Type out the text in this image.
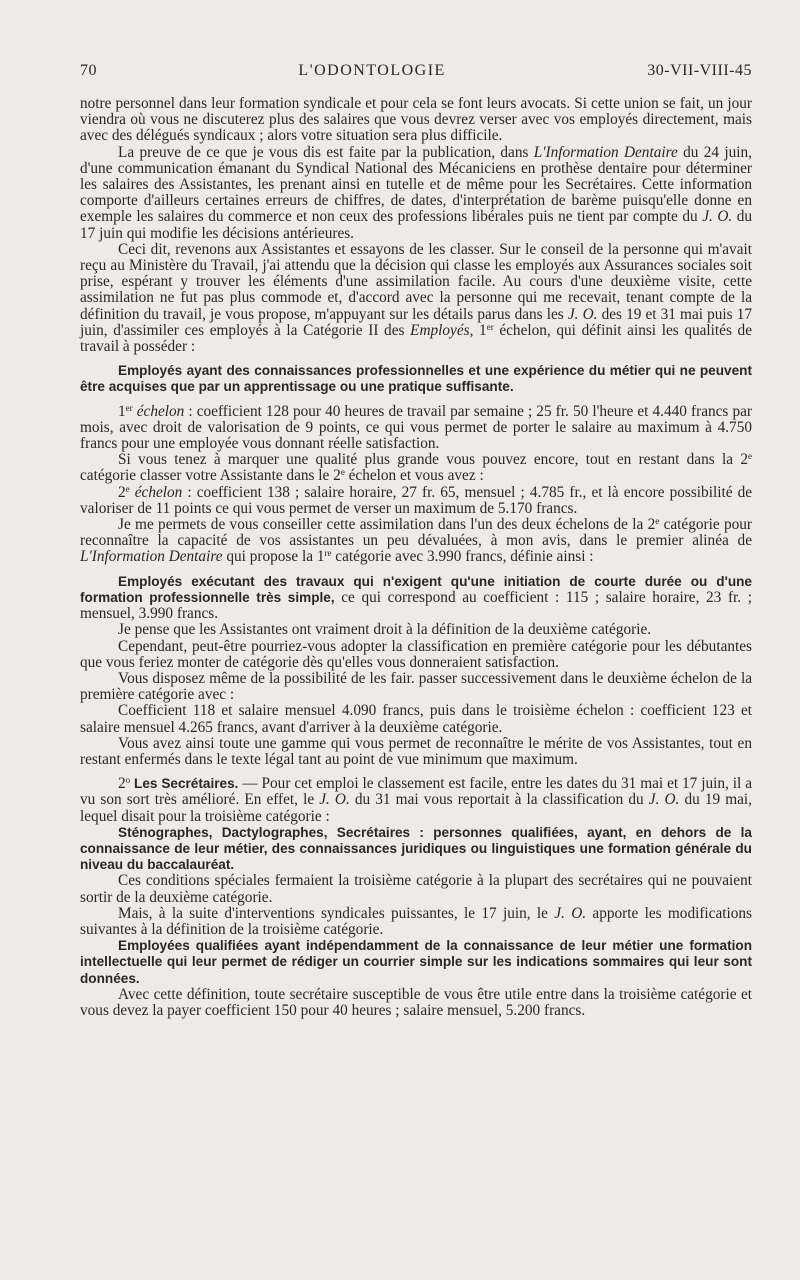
70	L'ODONTOLOGIE	30-VII-VIII-45

notre personnel dans leur formation syndicale et pour cela se font leurs avocats. Si cette union se fait, un jour viendra où vous ne discuterez plus des salaires que vous devrez verser avec vos employés directement, mais avec des délégués syndicaux ; alors votre situation sera plus difficile.

La preuve de ce que je vous dis est faite par la publication, dans L'Information Dentaire du 24 juin, d'une communication émanant du Syndical National des Mécaniciens en prothèse dentaire pour déterminer les salaires des Assistantes, les prenant ainsi en tutelle et de même pour les Secrétaires. Cette information comporte d'ailleurs certaines erreurs de chiffres, de dates, d'interprétation de barème puisqu'elle donne en exemple les salaires du commerce et non ceux des professions libérales puis ne tient par compte du J. O. du 17 juin qui modifie les décisions antérieures.

Ceci dit, revenons aux Assistantes et essayons de les classer. Sur le conseil de la personne qui m'avait reçu au Ministère du Travail, j'ai attendu que la décision qui classe les employés aux Assurances sociales soit prise, espérant y trouver les éléments d'une assimilation facile. Au cours d'une deuxième visite, cette assimilation ne fut pas plus commode et, d'accord avec la personne qui me recevait, tenant compte de la définition du travail, je vous propose, m'appuyant sur les détails parus dans les J. O. des 19 et 31 mai puis 17 juin, d'assimiler ces employés à la Catégorie II des Employés, 1er échelon, qui définit ainsi les qualités de travail à posséder :

Employés ayant des connaissances professionnelles et une expérience du métier qui ne peuvent être acquises que par un apprentissage ou une pratique suffisante.

1er échelon : coefficient 128 pour 40 heures de travail par semaine ; 25 fr. 50 l'heure et 4.440 francs par mois, avec droit de valorisation de 9 points, ce qui vous permet de porter le salaire au maximum à 4.750 francs pour une employée vous donnant réelle satisfaction.

Si vous tenez à marquer une qualité plus grande vous pouvez encore, tout en restant dans la 2e catégorie classer votre Assistante dans le 2e échelon et vous avez :

2e échelon : coefficient 138 ; salaire horaire, 27 fr. 65, mensuel ; 4.785 fr., et là encore possibilité de valoriser de 11 points ce qui vous permet de verser un maximum de 5.170 francs.

Je me permets de vous conseiller cette assimilation dans l'un des deux échelons de la 2e catégorie pour reconnaître la capacité de vos assistantes un peu dévaluées, à mon avis, dans le premier alinéa de L'Information Dentaire qui propose la 1re catégorie avec 3.990 francs, définie ainsi :

Employés exécutant des travaux qui n'exigent qu'une initiation de courte durée ou d'une formation professionnelle très simple, ce qui correspond au coefficient : 115 ; salaire horaire, 23 fr. ; mensuel, 3.990 francs.

Je pense que les Assistantes ont vraiment droit à la définition de la deuxième catégorie.

Cependant, peut-être pourriez-vous adopter la classification en première catégorie pour les débutantes que vous feriez monter de catégorie dès qu'elles vous donneraient satisfaction.

Vous disposez même de la possibilité de les fair. passer successivement dans le deuxième échelon de la première catégorie avec :

Coefficient 118 et salaire mensuel 4.090 francs, puis dans le troisième échelon : coefficient 123 et salaire mensuel 4.265 francs, avant d'arriver à la deuxième catégorie.

Vous avez ainsi toute une gamme qui vous permet de reconnaître le mérite de vos Assistantes, tout en restant enfermés dans le texte légal tant au point de vue minimum que maximum.

2$^o$ Les Secrétaires. — Pour cet emploi le classement est facile, entre les dates du 31 mai et 17 juin, il a vu son sort très amélioré. En effet, le J. O. du 31 mai vous reportait à la classification du J. O. du 19 mai, lequel disait pour la troisième catégorie :

Sténographes, Dactylographes, Secrétaires : personnes qualifiées, ayant, en dehors de la connaissance de leur métier, des connaissances juridiques ou linguistiques une formation générale du niveau du baccalauréat.

Ces conditions spéciales fermaient la troisième catégorie à la plupart des secrétaires qui ne pouvaient sortir de la deuxième catégorie.

Mais, à la suite d'interventions syndicales puissantes, le 17 juin, le J. O. apporte les modifications suivantes à la définition de la troisième catégorie.

Employées qualifiées ayant indépendamment de la connaissance de leur métier une formation intellectuelle qui leur permet de rédiger un courrier simple sur les indications sommaires qui leur sont données.

Avec cette définition, toute secrétaire susceptible de vous être utile entre dans la troisième catégorie et vous devez la payer coefficient 150 pour 40 heures ; salaire mensuel, 5.200 francs.
